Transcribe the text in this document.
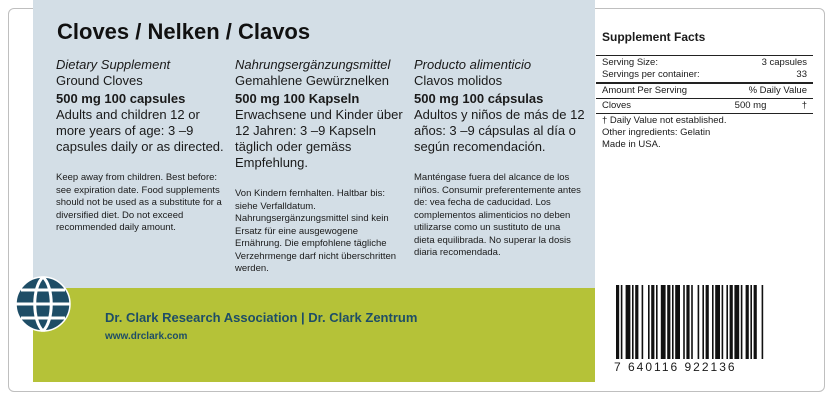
Cloves / Nelken / Clavos
Dietary Supplement
Ground Cloves
500 mg 100 capsules
Adults and children 12 or more years of age: 3 –9 capsules daily or as directed.
Nahrungsergänzungsmittel
Gemahlene Gewürznelken
500 mg 100 Kapseln
Erwachsene und Kinder über 12 Jahren: 3 –9 Kapseln täglich oder gemäss Empfehlung.
Producto alimenticio
Clavos molidos
500 mg 100 cápsulas
Adultos y niños de más de 12 años: 3 –9 cápsulas al día o según recomendación.
Keep away from children. Best before: see expiration date. Food supplements should not be used as a substitute for a diversified diet. Do not exceed recommended daily amount.
Von Kindern fernhalten. Haltbar bis: siehe Verfalldatum. Nahrungsergänzungsmittel sind kein Ersatz für eine ausgewogene Ernährung. Die empfohlene tägliche Verzehrmenge darf nicht überschritten werden.
Manténgase fuera del alcance de los niños. Consumir preferentemente antes de: vea fecha de caducidad. Los complementos alimenticios no deben utilizarse como un sustituto de una dieta equilibrada. No superar la dosis diaria recomendada.
Dr. Clark Research Association | Dr. Clark Zentrum
www.drclark.com
Supplement Facts
Serving Size:	3 capsules
Servings per container:	33
Amount Per Serving	% Daily Value
Cloves	500 mg	†
† Daily Value not established.
Other ingredients: Gelatin
Made in USA.
7 640116 922136
